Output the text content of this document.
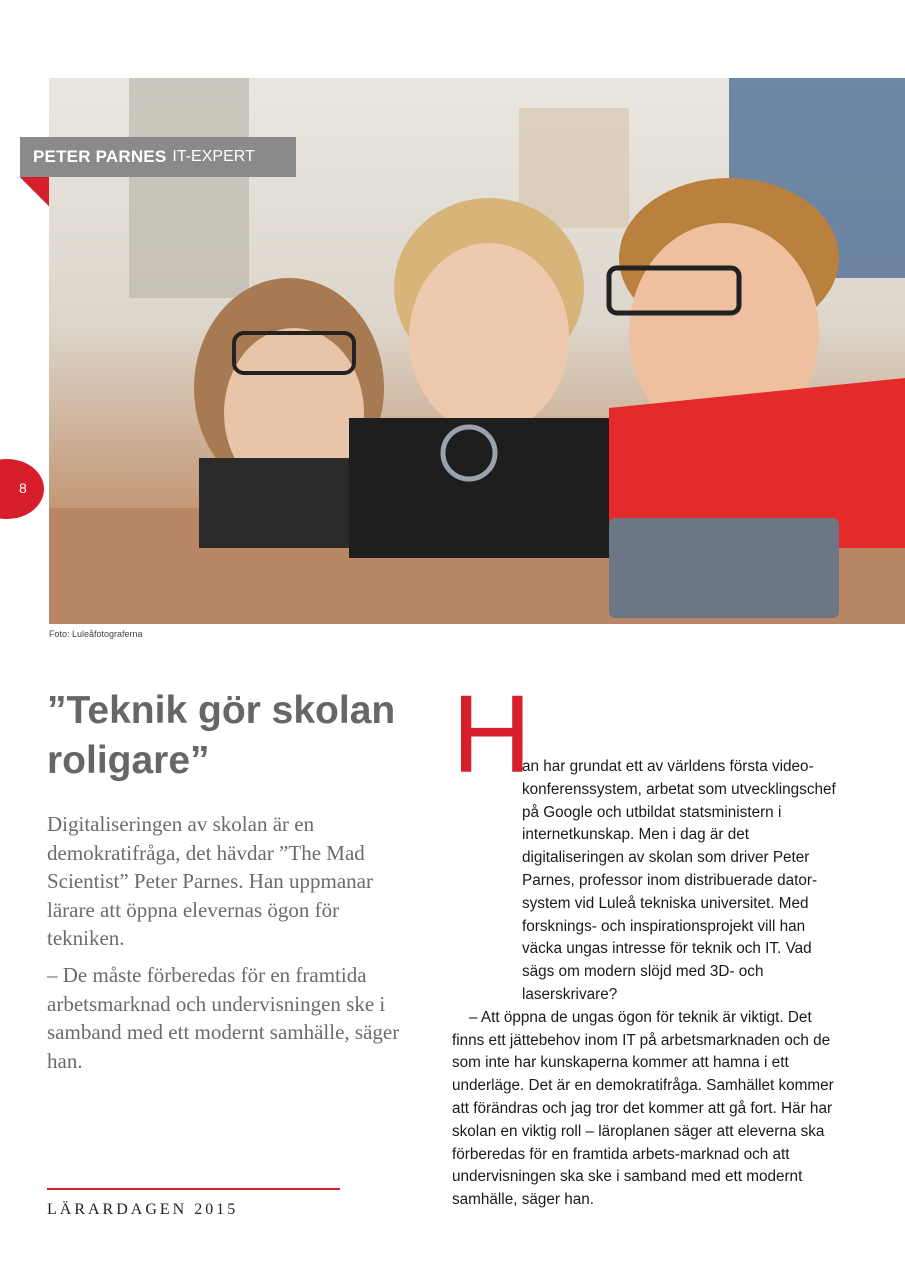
Foto: Luleåfotograferna
PETER PARNES IT-EXPERT
8
”Teknik gör skolan roligare”

Digitaliseringen av skolan är en demokratifråga, det hävdar ”The Mad Scientist” Peter Parnes. Han uppmanar lärare att öppna elevernas ögon för tekniken.

– De måste förberedas för en framtida arbetsmarknad och undervisningen ske i samband med ett modernt samhälle, säger han.

H

an har grundat ett av världens första video-konferenssystem, arbetat som utvecklingschef på Google och utbildat statsministern i internetkunskap. Men i dag är det digitaliseringen av skolan som driver Peter Parnes, professor inom distribuerade dator-system vid Luleå tekniska universitet. Med forsknings- och inspirationsprojekt vill han väcka ungas intresse för teknik och IT. Vad sägs om modern slöjd med 3D- och laserskrivare?

– Att öppna de ungas ögon för teknik är viktigt. Det finns ett jättebehov inom IT på arbetsmarknaden och de som inte har kunskaperna kommer att hamna i ett underläge. Det är en demokratifråga. Samhället kommer att förändras och jag tror det kommer att gå fort. Här har skolan en viktig roll – läroplanen säger att eleverna ska förberedas för en framtida arbets-marknad och att undervisningen ska ske i samband med ett modernt samhälle, säger han.

LÄRARDAGEN 2015
